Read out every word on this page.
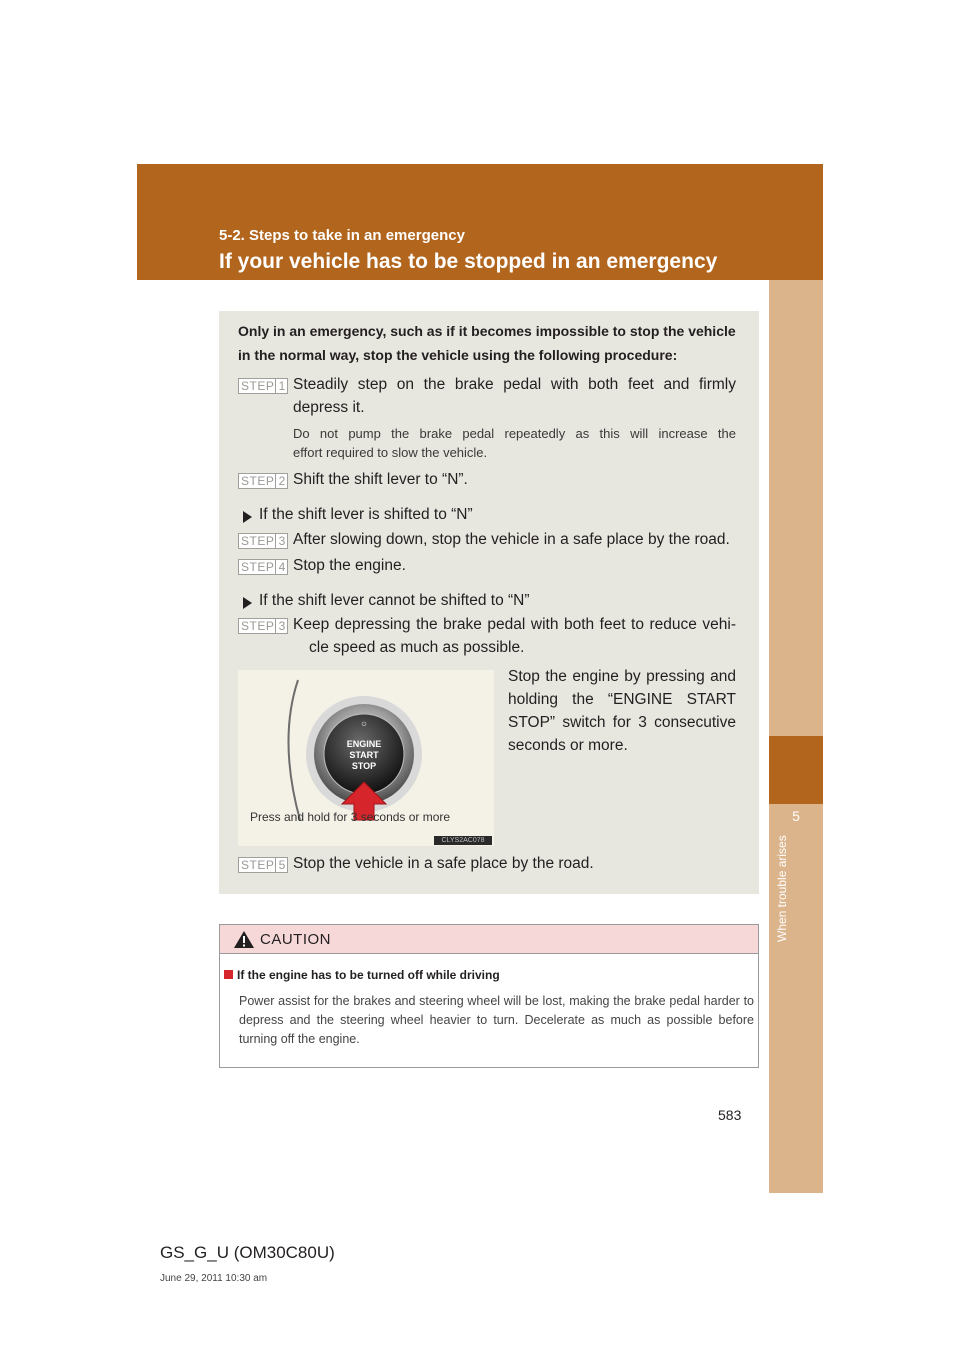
5-2. Steps to take in an emergency
If your vehicle has to be stopped in an emergency
5
When trouble arises
Only in an emergency, such as if it becomes impossible to stop the vehicle
in the normal way, stop the vehicle using the following procedure:
STEP 1 Steadily step on the brake pedal with both feet and firmly
depress it.
Do not pump the brake pedal repeatedly as this will increase the
effort required to slow the vehicle.
STEP 2 Shift the shift lever to “N”.
If the shift lever is shifted to “N”
STEP 3 After slowing down, stop the vehicle in a safe place by the road.
STEP 4 Stop the engine.
If the shift lever cannot be shifted to “N”
STEP 3 Keep depressing the brake pedal with both feet to reduce vehi-
cle speed as much as possible.
⏻
ENGINE
START
STOP
Press and hold for 3 seconds or more
CLYS2AC078
Stop the engine by pressing and
holding the “ENGINE START
STOP” switch for 3 consecutive
seconds or more.
STEP 5 Stop the vehicle in a safe place by the road.
CAUTION
If the engine has to be turned off while driving
Power assist for the brakes and steering wheel will be lost, making the brake pedal harder to depress and the steering wheel heavier to turn. Decelerate as much as possible before turning off the engine.
583
GS_G_U (OM30C80U)
June 29, 2011 10:30 am
